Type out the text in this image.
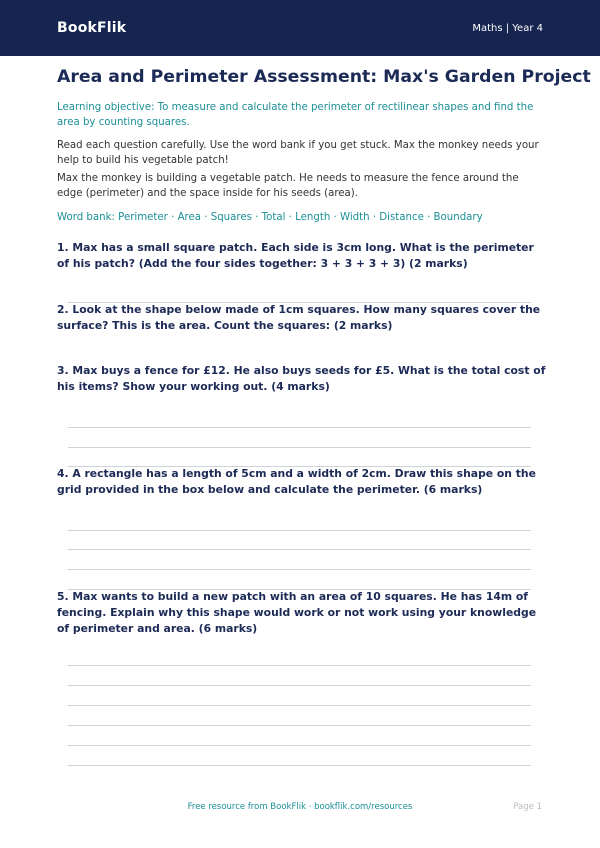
BookFlik	Maths | Year 4
Area and Perimeter Assessment: Max's Garden Project

Learning objective: To measure and calculate the perimeter of rectilinear shapes and find the area by counting squares.

Read each question carefully. Use the word bank if you get stuck. Max the monkey needs your help to build his vegetable patch!

Max the monkey is building a vegetable patch. He needs to measure the fence around the edge (perimeter) and the space inside for his seeds (area).

Word bank: Perimeter · Area · Squares · Total · Length · Width · Distance · Boundary

1. Max has a small square patch. Each side is 3cm long. What is the perimeter of his patch? (Add the four sides together: 3 + 3 + 3 + 3) (2 marks)
2. Look at the shape below made of 1cm squares. How many squares cover the surface? This is the area. Count the squares: (2 marks)
3. Max buys a fence for £12. He also buys seeds for £5. What is the total cost of his items? Show your working out. (4 marks)
4. A rectangle has a length of 5cm and a width of 2cm. Draw this shape on the grid provided in the box below and calculate the perimeter. (6 marks)
5. Max wants to build a new patch with an area of 10 squares. He has 14m of fencing. Explain why this shape would work or not work using your knowledge of perimeter and area. (6 marks)
Free resource from BookFlik · bookflik.com/resources	Page 1
